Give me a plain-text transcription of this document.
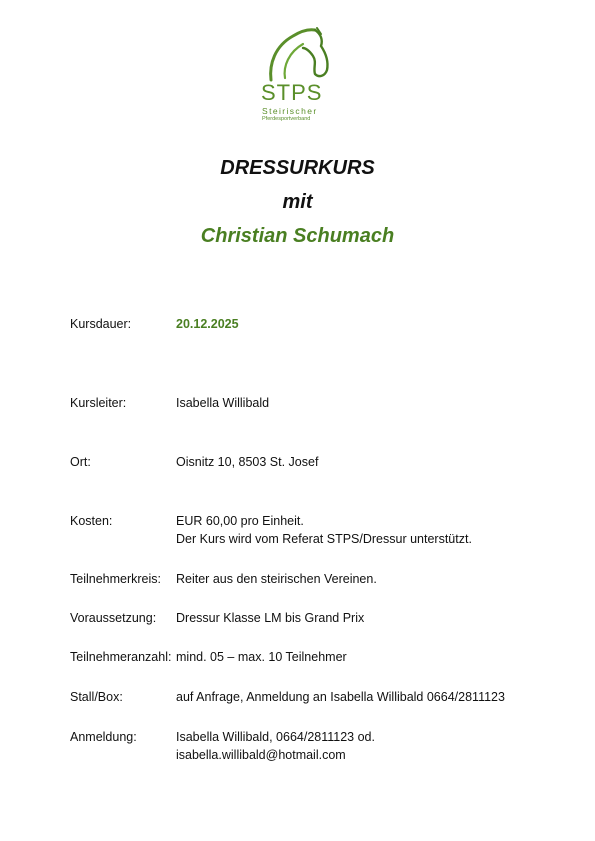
STPS
Steirischer
Pferdesportverband
DRESSURKURS
mit
Christian Schumach
Kursdauer:	20.12.2025
Kursleiter:	Isabella Willibald
Ort:	Oisnitz 10, 8503 St. Josef
Kosten:	EUR 60,00 pro Einheit.
Der Kurs wird vom Referat STPS/Dressur unterstützt.
Teilnehmerkreis: Reiter aus den steirischen Vereinen.
Voraussetzung: Dressur Klasse LM bis Grand Prix
Teilnehmeranzahl: mind. 05 – max. 10 Teilnehmer
Stall/Box:	auf Anfrage, Anmeldung an Isabella Willibald 0664/2811123
Anmeldung:	Isabella Willibald, 0664/2811123 od.
isabella.willibald@hotmail.com
